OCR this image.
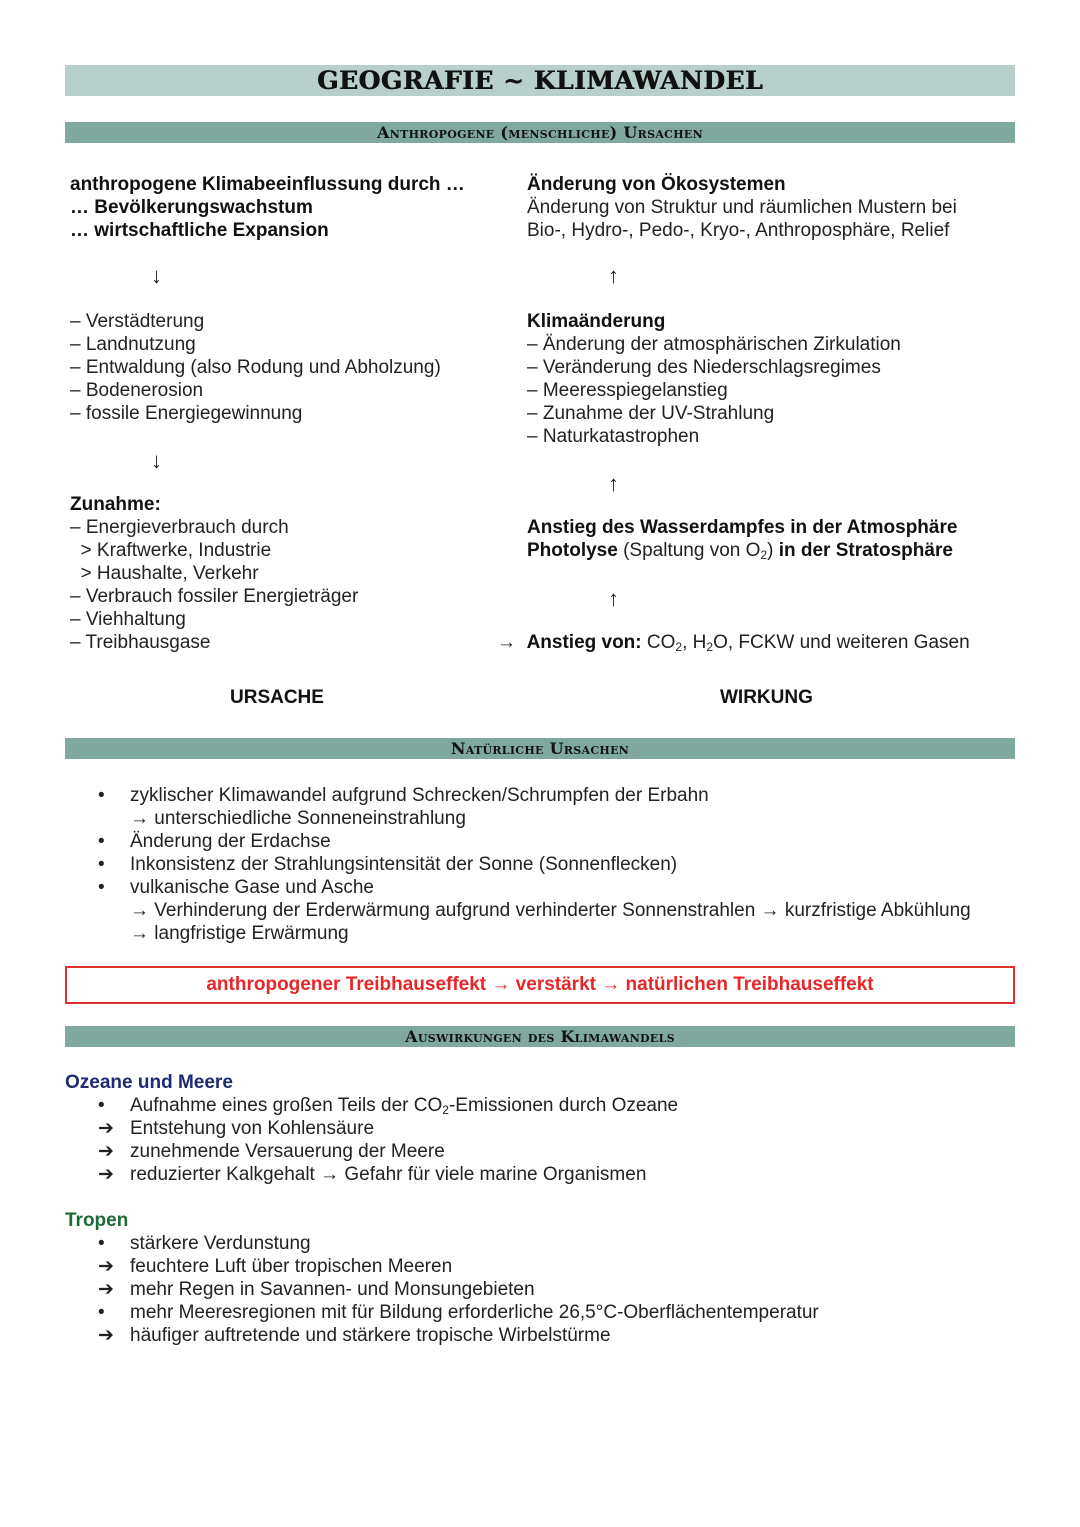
GEOGRAFIE ~ KLIMAWANDEL
Anthropogene (menschliche) Ursachen
anthropogene Klimabeeinflussung durch …
… Bevölkerungswachstum
… wirtschaftliche Expansion
↓
– Verstädterung
– Landnutzung
– Entwaldung (also Rodung und Abholzung)
– Bodenerosion
– fossile Energiegewinnung
↓
Zunahme:
– Energieverbrauch durch
> Kraftwerke, Industrie
> Haushalte, Verkehr
– Verbrauch fossiler Energieträger
– Viehhaltung
– Treibhausgase
URSACHE
Änderung von Ökosystemen
Änderung von Struktur und räumlichen Mustern bei
Bio-, Hydro-, Pedo-, Kryo-, Anthroposphäre, Relief
↑
Klimaänderung
– Änderung der atmosphärischen Zirkulation
– Veränderung des Niederschlagsregimes
– Meeresspiegelanstieg
– Zunahme der UV-Strahlung
– Naturkatastrophen
↑
Anstieg des Wasserdampfes in der Atmosphäre
Photolyse (Spaltung von $O_2$) in der Stratosphäre
↑
→ Anstieg von: $CO_2$, $H_2O$, FCKW und weiteren Gasen
WIRKUNG
Natürliche Ursachen
• zyklischer Klimawandel aufgrund Schrecken/Schrumpfen der Erbahn
→ unterschiedliche Sonneneinstrahlung
• Änderung der Erdachse
• Inkonsistenz der Strahlungsintensität der Sonne (Sonnenflecken)
• vulkanische Gase und Asche
→ Verhinderung der Erderwärmung aufgrund verhinderter Sonnenstrahlen → kurzfristige Abkühlung
→ langfristige Erwärmung
anthropogener Treibhauseffekt → verstärkt → natürlichen Treibhauseffekt
Auswirkungen des Klimawandels
Ozeane und Meere
• Aufnahme eines großen Teils der $CO_2$-Emissionen durch Ozeane
➔ Entstehung von Kohlensäure
➔ zunehmende Versauerung der Meere
➔ reduzierter Kalkgehalt → Gefahr für viele marine Organismen
Tropen
• stärkere Verdunstung
➔ feuchtere Luft über tropischen Meeren
➔ mehr Regen in Savannen- und Monsungebieten
• mehr Meeresregionen mit für Bildung erforderliche 26,5°C-Oberflächentemperatur
➔ häufiger auftretende und stärkere tropische Wirbelstürme
